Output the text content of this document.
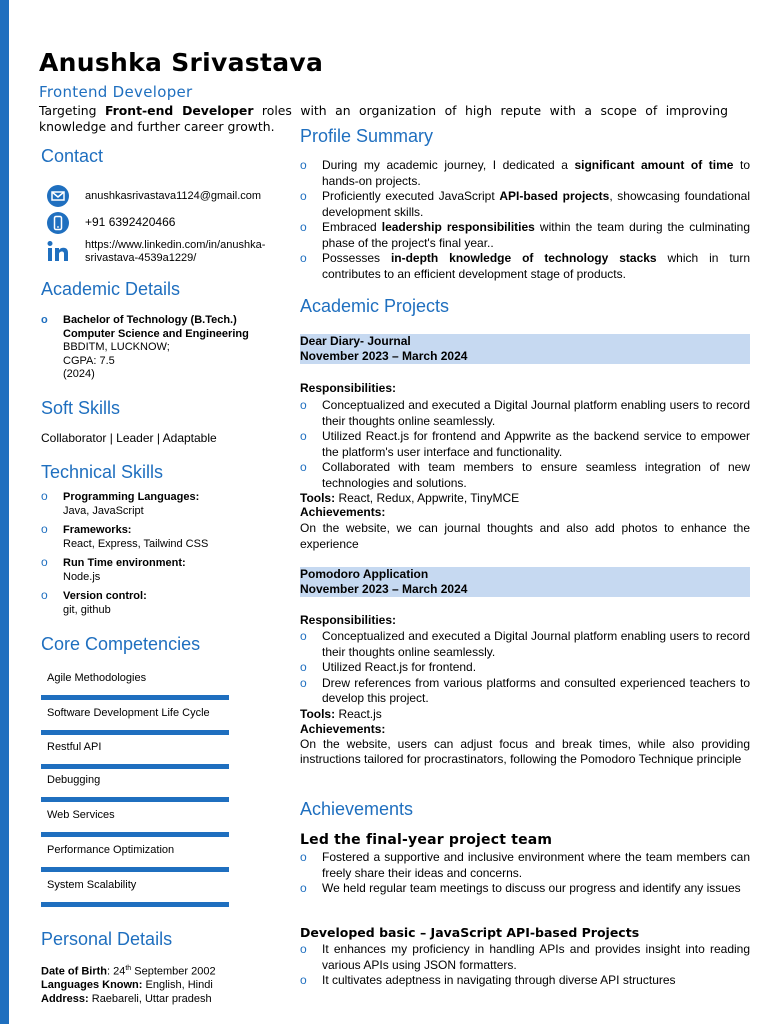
Anushka Srivastava
Frontend Developer
Targeting Front-end Developer roles with an organization of high repute with a scope of improving knowledge and further career growth.
Contact
anushkasrivastava1124@gmail.com
+91 6392420466
https://www.linkedin.com/in/anushka-
srivastava-4539a1229/
Academic Details
o Bachelor of Technology (B.Tech.)
Computer Science and Engineering
BBDITM, LUCKNOW;
CGPA: 7.5
(2024)
Soft Skills
Collaborator | Leader | Adaptable
Technical Skills
o Programming Languages:
Java, JavaScript
o Frameworks:
React, Express, Tailwind CSS
o Run Time environment:
Node.js
o Version control:
git, github
Core Competencies
Agile Methodologies
Software Development Life Cycle
Restful API
Debugging
Web Services
Performance Optimization
System Scalability
Personal Details
Date of Birth: 24th September 2002
Languages Known: English, Hindi
Address: Raebareli, Uttar pradesh
Profile Summary
o During my academic journey, I dedicated a significant amount of time to hands-on projects.
o Proficiently executed JavaScript API-based projects, showcasing foundational development skills.
o Embraced leadership responsibilities within the team during the culminating phase of the project's final year..
o Possesses in-depth knowledge of technology stacks which in turn contributes to an efficient development stage of products.
Academic Projects
Dear Diary- Journal
November 2023 – March 2024
Responsibilities:
o Conceptualized and executed a Digital Journal platform enabling users to record their thoughts online seamlessly.
o Utilized React.js for frontend and Appwrite as the backend service to empower the platform's user interface and functionality.
o Collaborated with team members to ensure seamless integration of new technologies and solutions.
Tools: React, Redux, Appwrite, TinyMCE
Achievements:
On the website, we can journal thoughts and also add photos to enhance the experience
Pomodoro Application
November 2023 – March 2024
Responsibilities:
o Conceptualized and executed a Digital Journal platform enabling users to record their thoughts online seamlessly.
o Utilized React.js for frontend.
o Drew references from various platforms and consulted experienced teachers to develop this project.
Tools: React.js
Achievements:
On the website, users can adjust focus and break times, while also providing instructions tailored for procrastinators, following the Pomodoro Technique principle
Achievements
Led the final-year project team
o Fostered a supportive and inclusive environment where the team members can freely share their ideas and concerns.
o We held regular team meetings to discuss our progress and identify any issues
Developed basic – JavaScript API-based Projects
o It enhances my proficiency in handling APIs and provides insight into reading various APIs using JSON formatters.
o It cultivates adeptness in navigating through diverse API structures
